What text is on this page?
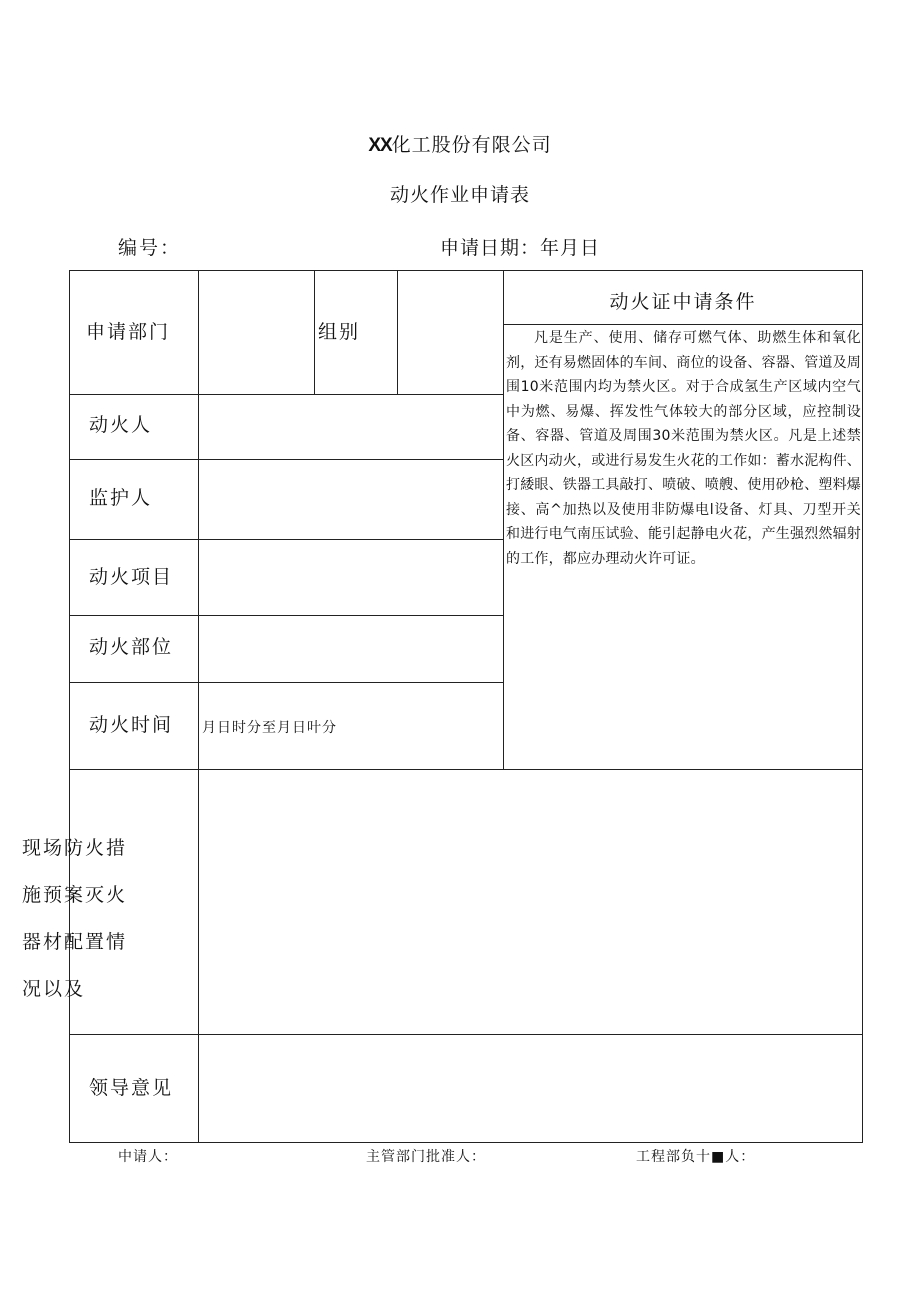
XX化工股份有限公司
动火作业申请表
编号：	申请日期：年月日
申请部门	组别
动火人
监护人
动火项目
动火部位
动火时间 月日时分至月日叶分
现场防火措施预案灭火器材配置情况以及
领导意见
动火证中请条件
凡是生产、使用、储存可燃气体、助燃生体和氧化剂，还有易燃固体的车间、商位的设备、容器、管道及周围10米范围内均为禁火区。对于合成氢生产区域内空气中为燃、易爆、挥发性气体较大的部分区域，应控制设备、容器、管道及周围30米范围为禁火区。凡是上述禁火区内动火，或进行易发生火花的工作如：蓄水泥构件、打緌眼、铁器工具敲打、喷破、喷艘、使用砂枪、塑料爆接、高^加热以及使用非防爆电l设备、灯具、刀型开关和进行电气南压试验、能引起静电火花，产生强烈然辐射的工作，都应办理动火许可证。
中请人：	主管部门批准人：	工程部负十■人：
